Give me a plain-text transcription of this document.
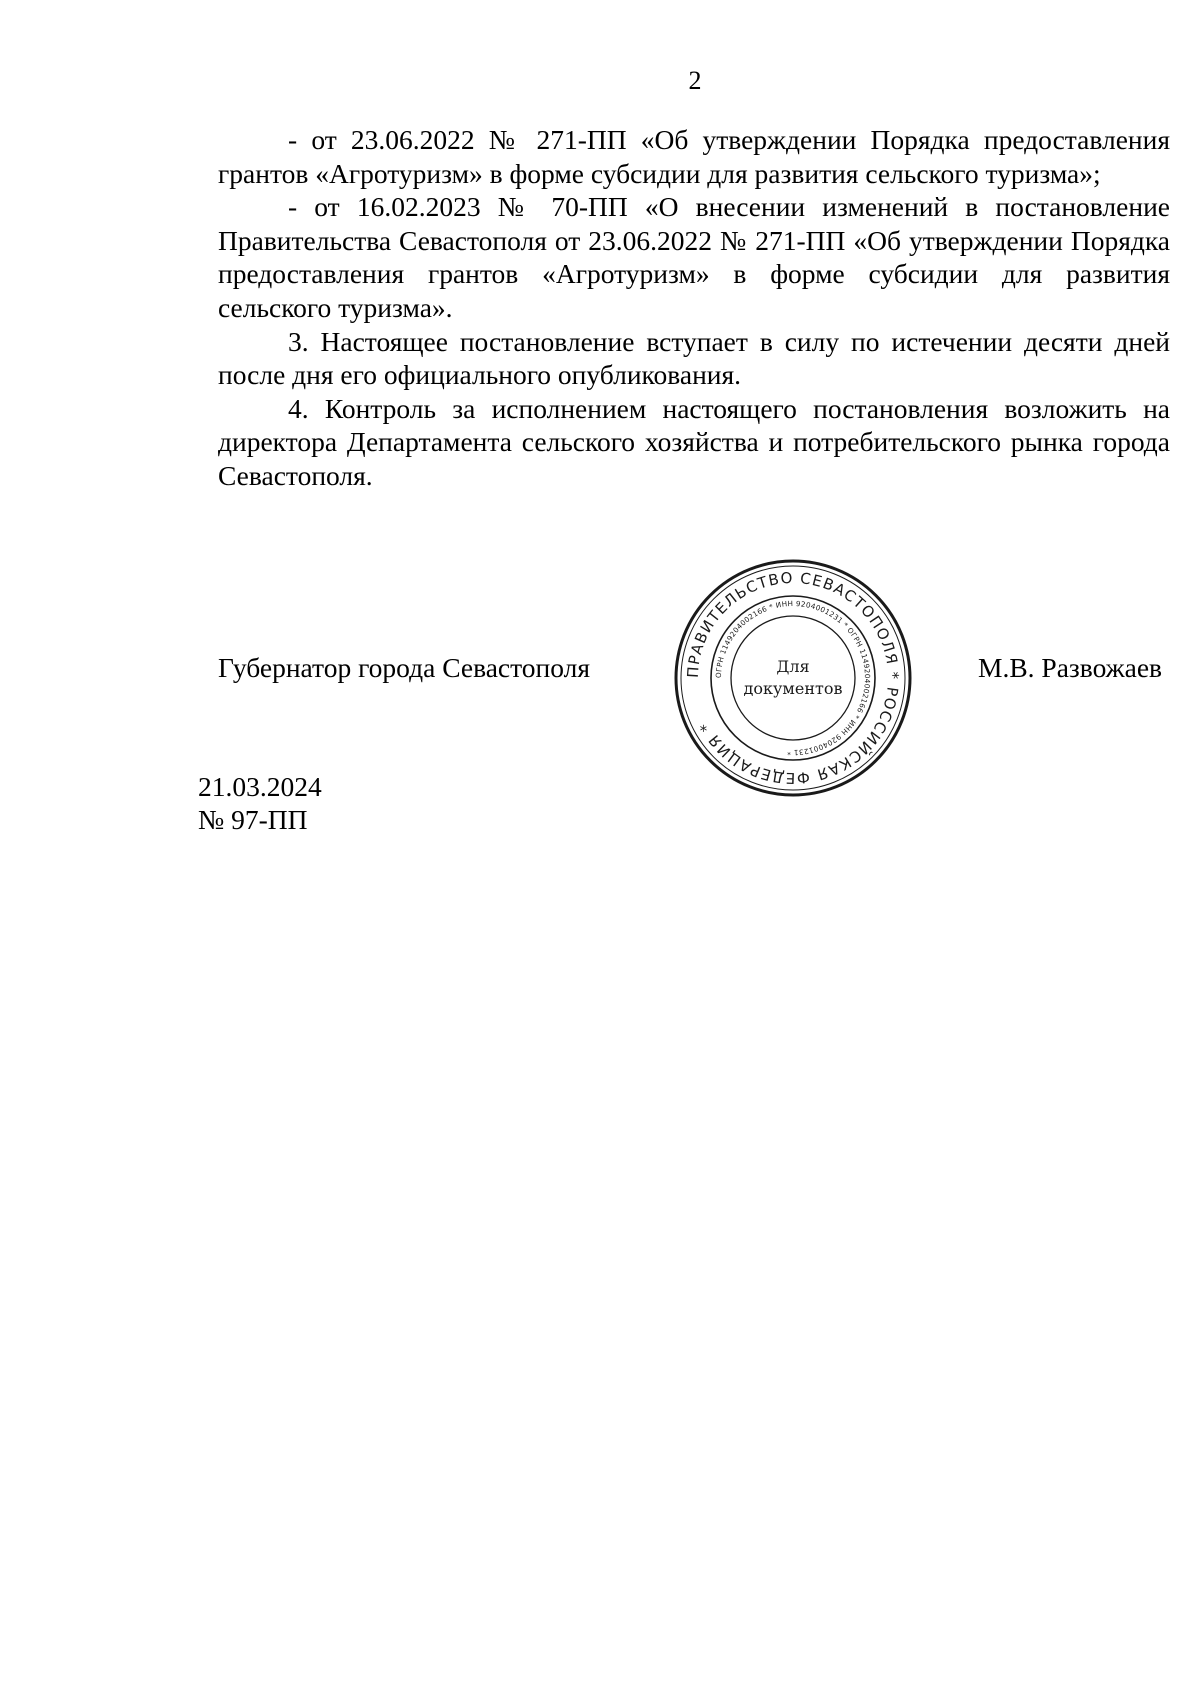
2

- от 23.06.2022 № 271-ПП «Об утверждении Порядка предоставления грантов «Агротуризм» в форме субсидии для развития сельского туризма»;

- от 16.02.2023 № 70-ПП «О внесении изменений в постановление Правительства Севастополя от 23.06.2022 № 271-ПП «Об утверждении Порядка предоставления грантов «Агротуризм» в форме субсидии для развития сельского туризма».

3. Настоящее постановление вступает в силу по истечении десяти дней после дня его официального опубликования.

4. Контроль за исполнением настоящего постановления возложить на директора Департамента сельского хозяйства и потребительского рынка города Севастополя.

Губернатор города Севастополя	ПРАВИТЕЛЬСТВО СЕВАСТОПОЛЯ * РОССИЙСКАЯ ФЕДЕРАЦИЯ *
ОГРН 1149204002166 * ИНН 9204001231 * ОГРН 1149204002166 * ИНН 9204001231 *
Для
документов
М.В. Развожаев
21.03.2024
№ 97-ПП
